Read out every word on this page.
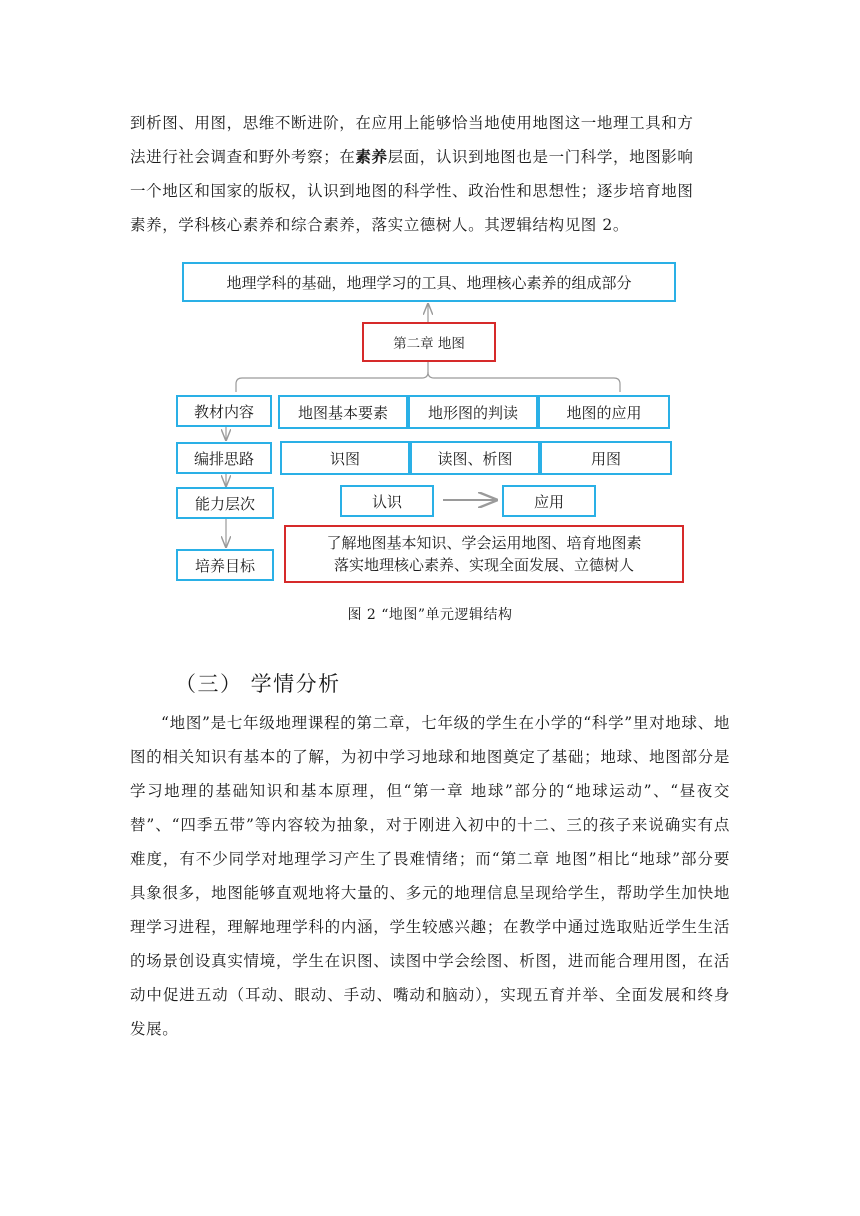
到析图、用图，思维不断进阶，在应用上能够恰当地使用地图这一地理工具和方
法进行社会调查和野外考察；在素养层面，认识到地图也是一门科学，地图影响
一个地区和国家的版权，认识到地图的科学性、政治性和思想性；逐步培育地图
素养，学科核心素养和综合素养，落实立德树人。其逻辑结构见图 2。
地理学科的基础，地理学习的工具、地理核心素养的组成部分
第二章 地图
教材内容	地图基本要素	地形图的判读	地图的应用
编排思路	识图	读图、析图	用图
能力层次	认识	应用
培养目标
了解地图基本知识、学会运用地图、培育地图素
落实地理核心素养、实现全面发展、立德树人
图 2 “地图”单元逻辑结构
（三） 学情分析

“地图”是七年级地理课程的第二章，七年级的学生在小学的“科学”里对地球、地图的相关知识有基本的了解，为初中学习地球和地图奠定了基础；地球、地图部分是学习地理的基础知识和基本原理，但“第一章 地球”部分的“地球运动”、“昼夜交替”、“四季五带”等内容较为抽象，对于刚进入初中的十二、三的孩子来说确实有点难度，有不少同学对地理学习产生了畏难情绪；而“第二章 地图”相比“地球”部分要具象很多，地图能够直观地将大量的、多元的地理信息呈现给学生，帮助学生加快地理学习进程，理解地理学科的内涵，学生较感兴趣；在教学中通过选取贴近学生生活的场景创设真实情境，学生在识图、读图中学会绘图、析图，进而能合理用图，在活动中促进五动（耳动、眼动、手动、嘴动和脑动），实现五育并举、全面发展和终身发展。
